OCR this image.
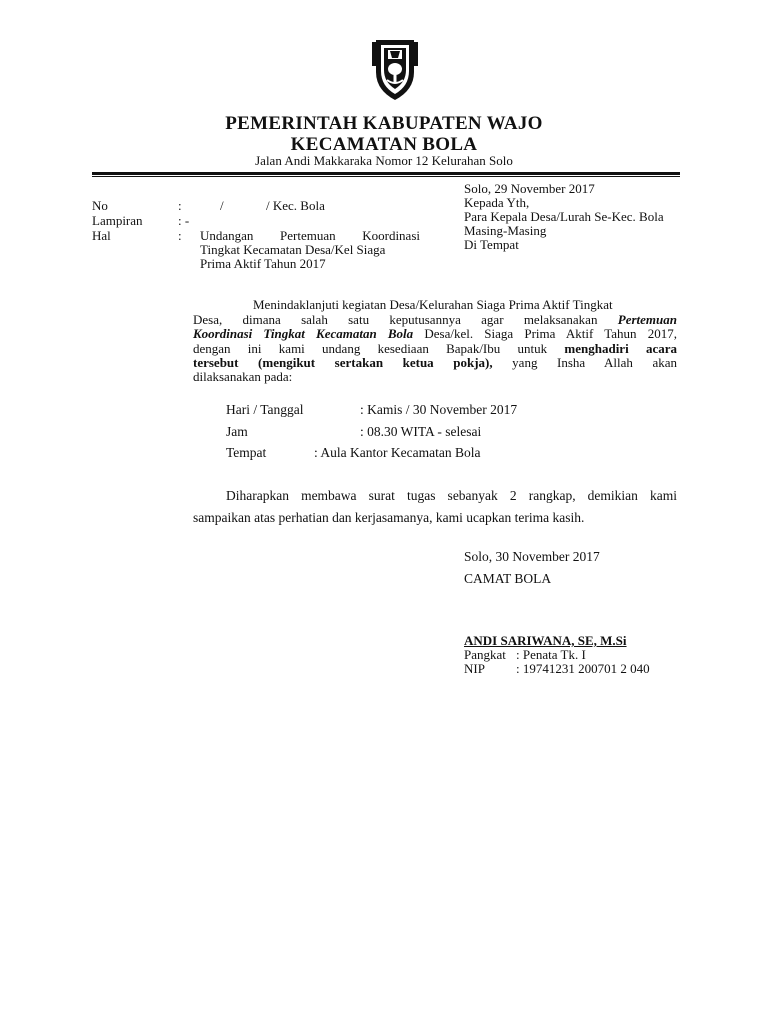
PEMERINTAH KABUPATEN WAJO
KECAMATAN BOLA
Jalan Andi Makkaraka Nomor 12 Kelurahan Solo
No	:	/	/ Kec. Bola
Lampiran	: -
Hal	: Undangan Pertemuan Koordinasi
Tingkat Kecamatan Desa/Kel Siaga
Prima Aktif Tahun 2017
Solo, 29 November 2017
Kepada Yth,
Para Kepala Desa/Lurah Se-Kec. Bola
Masing-Masing
Di Tempat
Menindaklanjuti kegiatan Desa/Kelurahan Siaga Prima Aktif Tingkat
Desa, dimana salah satu keputusannya agar melaksanakan Pertemuan
Koordinasi Tingkat Kecamatan Bola Desa/kel. Siaga Prima Aktif Tahun 2017,
dengan ini kami undang kesediaan Bapak/Ibu untuk menghadiri acara
tersebut (mengikut sertakan ketua pokja), yang Insha Allah akan
dilaksanakan pada:
Hari / Tanggal	: Kamis / 30 November 2017
Jam	: 08.30 WITA - selesai
Tempat	: Aula Kantor Kecamatan Bola
Diharapkan membawa surat tugas sebanyak 2 rangkap, demikian kami
sampaikan atas perhatian dan kerjasamanya, kami ucapkan terima kasih.
Solo, 30 November 2017
CAMAT BOLA
ANDI SARIWANA, SE, M.Si
Pangkat : Penata Tk. I
NIP : 19741231 200701 2 040
